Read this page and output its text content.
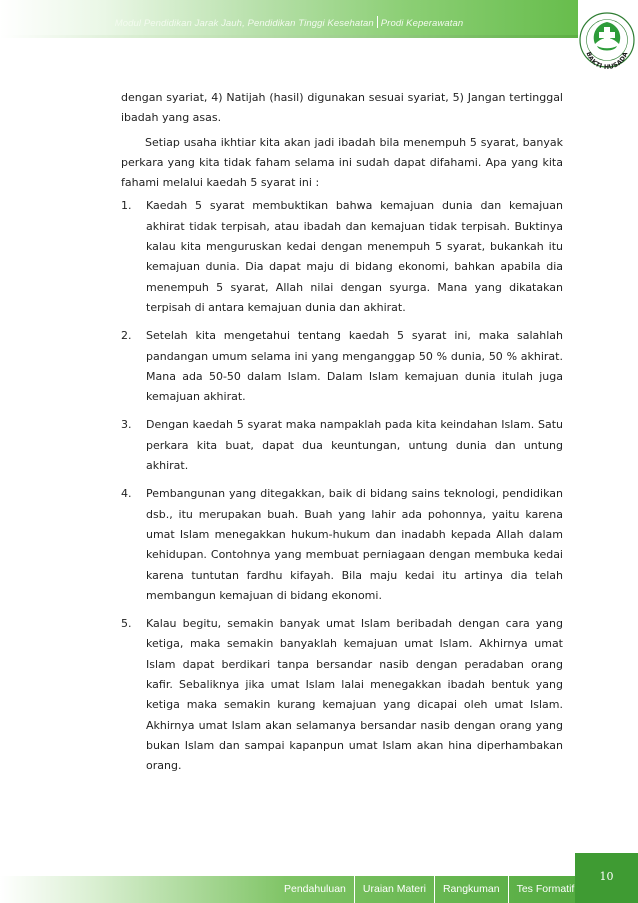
Modul Pendidikan Jarak Jauh, Pendidikan Tinggi Kesehatan Prodi Keperawatan
BAKTI HUSADA

dengan syariat, 4) Natijah (hasil) digunakan sesuai syariat, 5) Jangan tertinggal ibadah yang asas.

Setiap usaha ikhtiar kita akan jadi ibadah bila menempuh 5 syarat, banyak perkara yang kita tidak faham selama ini sudah dapat difahami. Apa yang kita fahami melalui kaedah 5 syarat ini :

1. Kaedah 5 syarat membuktikan bahwa kemajuan dunia dan kemajuan akhirat tidak terpisah, atau ibadah dan kemajuan tidak terpisah. Buktinya kalau kita menguruskan kedai dengan menempuh 5 syarat, bukankah itu kemajuan dunia. Dia dapat maju di bidang ekonomi, bahkan apabila dia menempuh 5 syarat, Allah nilai dengan syurga. Mana yang dikatakan terpisah di antara kemajuan dunia dan akhirat.
2. Setelah kita mengetahui tentang kaedah 5 syarat ini, maka salahlah pandangan umum selama ini yang menganggap 50 % dunia, 50 % akhirat. Mana ada 50-50 dalam Islam. Dalam Islam kemajuan dunia itulah juga kemajuan akhirat.
3. Dengan kaedah 5 syarat maka nampaklah pada kita keindahan Islam. Satu perkara kita buat, dapat dua keuntungan, untung dunia dan untung akhirat.
4. Pembangunan yang ditegakkan, baik di bidang sains teknologi, pendidikan dsb., itu merupakan buah. Buah yang lahir ada pohonnya, yaitu karena umat Islam menegakkan hukum-hukum dan inadabh kepada Allah dalam kehidupan. Contohnya yang membuat perniagaan dengan membuka kedai karena tuntutan fardhu kifayah. Bila maju kedai itu artinya dia telah membangun kemajuan di bidang ekonomi.
5. Kalau begitu, semakin banyak umat Islam beribadah dengan cara yang ketiga, maka semakin banyaklah kemajuan umat Islam. Akhirnya umat Islam dapat berdikari tanpa bersandar nasib dengan peradaban orang kafir. Sebaliknya jika umat Islam lalai menegakkan ibadah bentuk yang ketiga maka semakin kurang kemajuan yang dicapai oleh umat Islam. Akhirnya umat Islam akan selamanya bersandar nasib dengan orang yang bukan Islam dan sampai kapanpun umat Islam akan hina diperhambakan orang.
Pendahuluan	Uraian Materi	Rangkuman	Tes Formatif
10
